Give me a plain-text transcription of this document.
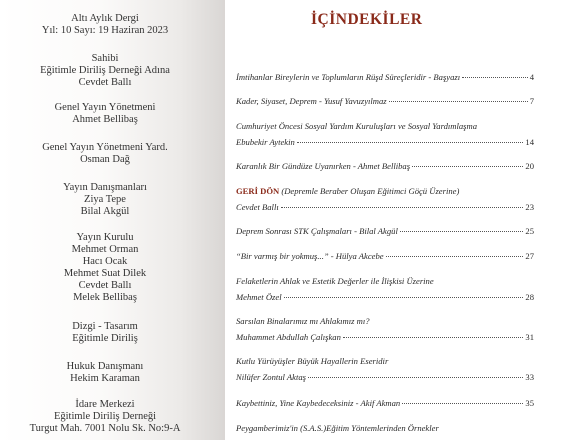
Altı Aylık Dergi
Yıl: 10 Sayı: 19 Haziran 2023
Sahibi
Eğitimle Diriliş Derneği Adına
Cevdet Ballı
Genel Yayın Yönetmeni
Ahmet Bellibaş
Genel Yayın Yönetmeni Yard.
Osman Dağ
Yayın Danışmanları
Ziya Tepe
Bilal Akgül
Yayın Kurulu
Mehmet Orman
Hacı Ocak
Mehmet Suat Dilek
Cevdet Ballı
Melek Bellibaş
Dizgi - Tasarım
Eğitimle Diriliş
Hukuk Danışmanı
Hekim Karaman
İdare Merkezi
Eğitimle Diriliş Derneği
Turgut Mah. 7001 Nolu Sk. No:9-A
İÇİNDEKİLER
İmtihanlar Bireylerin ve Toplumların Rüşd Süreçleridir - Başyazı	4
Kader, Siyaset, Deprem - Yusuf Yavuzyılmaz	7
Cumhuriyet Öncesi Sosyal Yardım Kuruluşları ve Sosyal Yardımlaşma
Ebubekir Aytekin	14
Karanlık Bir Gündüze Uyanırken - Ahmet Bellibaş	20
GERİ DÖN (Depremle Beraber Oluşan Eğitimci Göçü Üzerine)
Cevdet Ballı	23
Deprem Sonrası STK Çalışmaları - Bilal Akgül	25
“Bir varmış bir yokmuş...” - Hülya Akcebe	27
Felaketlerin Ahlak ve Estetik Değerler ile İlişkisi Üzerine
Mehmet Özel	28
Sarsılan Binalarımız mı Ahlakımız mı?
Muhammet Abdullah Çalışkan	31
Kutlu Yürüyüşler Büyük Hayallerin Eseridir
Nilüfer Zontul Aktaş	33
Kaybettiniz, Yine Kaybedeceksiniz - Akif Akman	35
Peygamberimiz'in (S.A.S.)Eğitim Yöntemlerinden Örnekler
